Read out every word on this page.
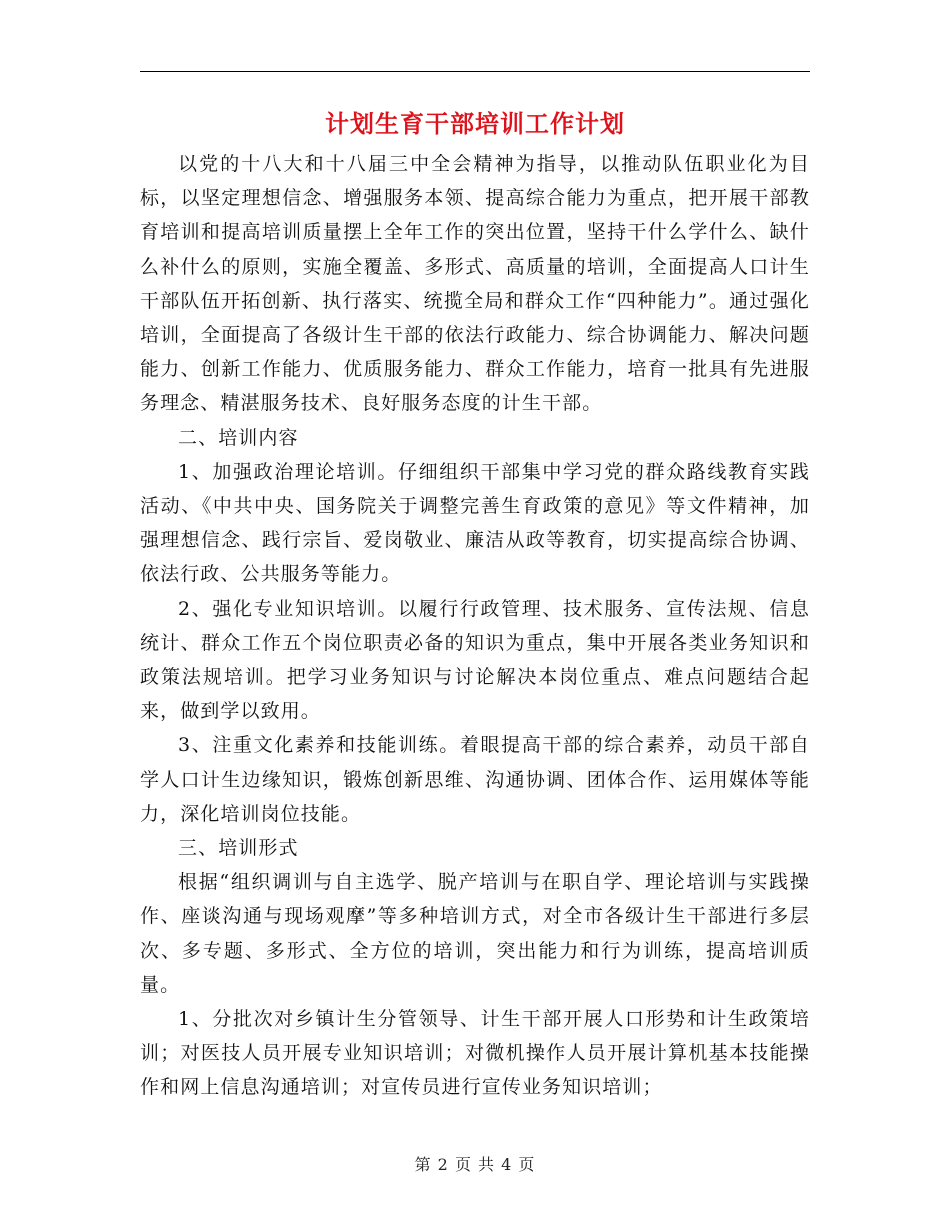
计划生育干部培训工作计划

以党的十八大和十八届三中全会精神为指导，以推动队伍职业化为目标，以坚定理想信念、增强服务本领、提高综合能力为重点，把开展干部教育培训和提高培训质量摆上全年工作的突出位置，坚持干什么学什么、缺什么补什么的原则，实施全覆盖、多形式、高质量的培训，全面提高人口计生干部队伍开拓创新、执行落实、统揽全局和群众工作“四种能力”。通过强化培训，全面提高了各级计生干部的依法行政能力、综合协调能力、解决问题能力、创新工作能力、优质服务能力、群众工作能力，培育一批具有先进服务理念、精湛服务技术、良好服务态度的计生干部。

二、培训内容

1、加强政治理论培训。仔细组织干部集中学习党的群众路线教育实践活动、《中共中央、国务院关于调整完善生育政策的意见》等文件精神，加强理想信念、践行宗旨、爱岗敬业、廉洁从政等教育，切实提高综合协调、依法行政、公共服务等能力。

2、强化专业知识培训。以履行行政管理、技术服务、宣传法规、信息统计、群众工作五个岗位职责必备的知识为重点，集中开展各类业务知识和政策法规培训。把学习业务知识与讨论解决本岗位重点、难点问题结合起来，做到学以致用。

3、注重文化素养和技能训练。着眼提高干部的综合素养，动员干部自学人口计生边缘知识，锻炼创新思维、沟通协调、团体合作、运用媒体等能力，深化培训岗位技能。

三、培训形式

根据“组织调训与自主选学、脱产培训与在职自学、理论培训与实践操作、座谈沟通与现场观摩”等多种培训方式，对全市各级计生干部进行多层次、多专题、多形式、全方位的培训，突出能力和行为训练，提高培训质量。

1、分批次对乡镇计生分管领导、计生干部开展人口形势和计生政策培训；对医技人员开展专业知识培训；对微机操作人员开展计算机基本技能操作和网上信息沟通培训；对宣传员进行宣传业务知识培训；

第 2 页 共 4 页
